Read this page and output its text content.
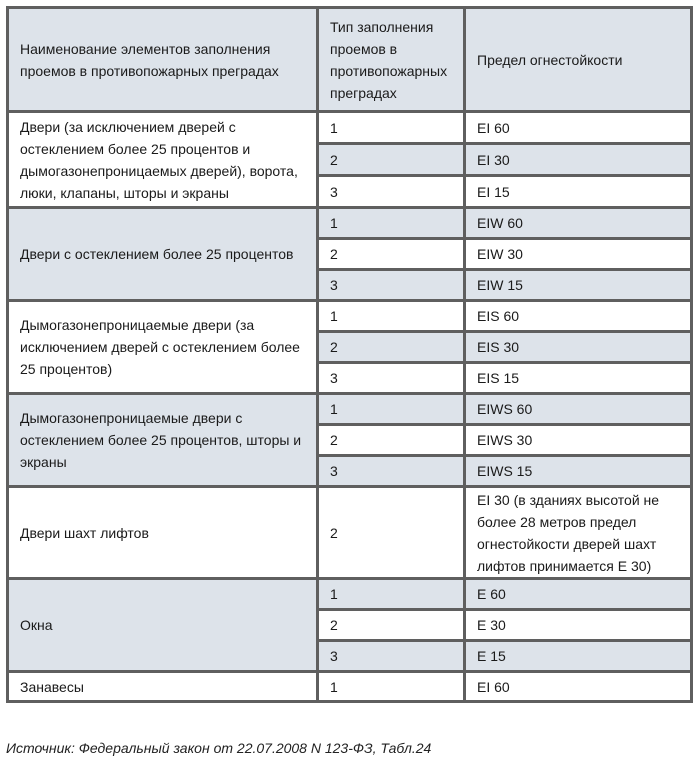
Наименование элементов заполнения проемов в противопожарных преградах	Тип заполнения проемов в противопожарных преградах	Предел огнестойкости
Двери (за исключением дверей с остеклением более 25 процентов и дымогазонепроницаемых дверей), ворота, люки, клапаны, шторы и экраны	1	EI 60
	2	EI 30
	3	EI 15
Двери с остеклением более 25 процентов	1	EIW 60
	2	EIW 30
	3	EIW 15
Дымогазонепроницаемые двери (за исключением дверей с остеклением более 25 процентов)	1	EIS 60
	2	EIS 30
	3	EIS 15
Дымогазонепроницаемые двери с остеклением более 25 процентов, шторы и экраны	1	EIWS 60
	2	EIWS 30
	3	EIWS 15
Двери шахт лифтов	2	EI 30 (в зданиях высотой не более 28 метров предел огнестойкости дверей шахт лифтов принимается Е 30)
Окна	1	Е 60
	2	Е 30
	3	Е 15
Занавесы	1	EI 60
Источник: Федеральный закон от 22.07.2008 N 123-ФЗ, Табл.24
